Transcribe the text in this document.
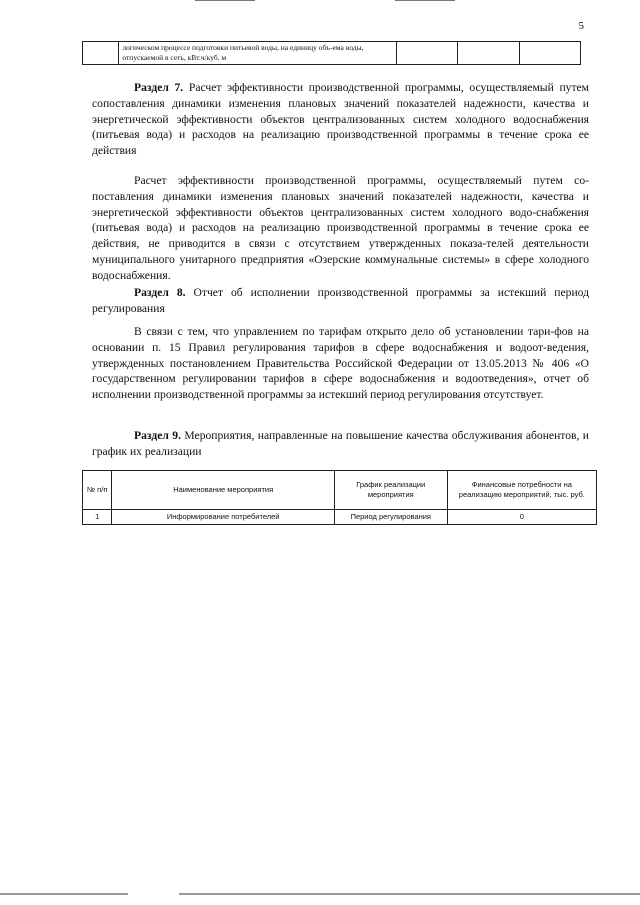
5
	логическом процессе подготовки питьевой воды, на единицу объ-ема воды, отпускаемой в сеть, кВт.ч/куб. м			

Раздел 7. Расчет эффективности производственной программы, осуществляемый путем сопоставления динамики изменения плановых значений показателей надежности, качества и энергетической эффективности объектов централизованных систем холодного водоснабжения (питьевая вода) и расходов на реализацию производственной программы в течение срока ее действия

Расчет эффективности производственной программы, осуществляемый путем со-поставления динамики изменения плановых значений показателей надежности, качества и энергетической эффективности объектов централизованных систем холодного водо-снабжения (питьевая вода) и расходов на реализацию производственной программы в течение срока ее действия, не приводится в связи с отсутствием утвержденных показа-телей деятельности муниципального унитарного предприятия «Озерские коммунальные системы» в сфере холодного водоснабжения.

Раздел 8. Отчет об исполнении производственной программы за истекший период регулирования

В связи с тем, что управлением по тарифам открыто дело об установлении тари-фов на основании п. 15 Правил регулирования тарифов в сфере водоснабжения и водоот-ведения, утвержденных постановлением Правительства Российской Федерации от 13.05.2013 № 406 «О государственном регулировании тарифов в сфере водоснабжения и водоотведения», отчет об исполнении производственной программы за истекший период регулирования отсутствует.

Раздел 9. Мероприятия, направленные на повышение качества обслуживания абонентов, и график их реализации

№ п/п	Наименование мероприятия	График реализации мероприятия	Финансовые потребности на реализацию мероприятий, тыс. руб.
1	Информирование потребителей	Период регулирования	0
